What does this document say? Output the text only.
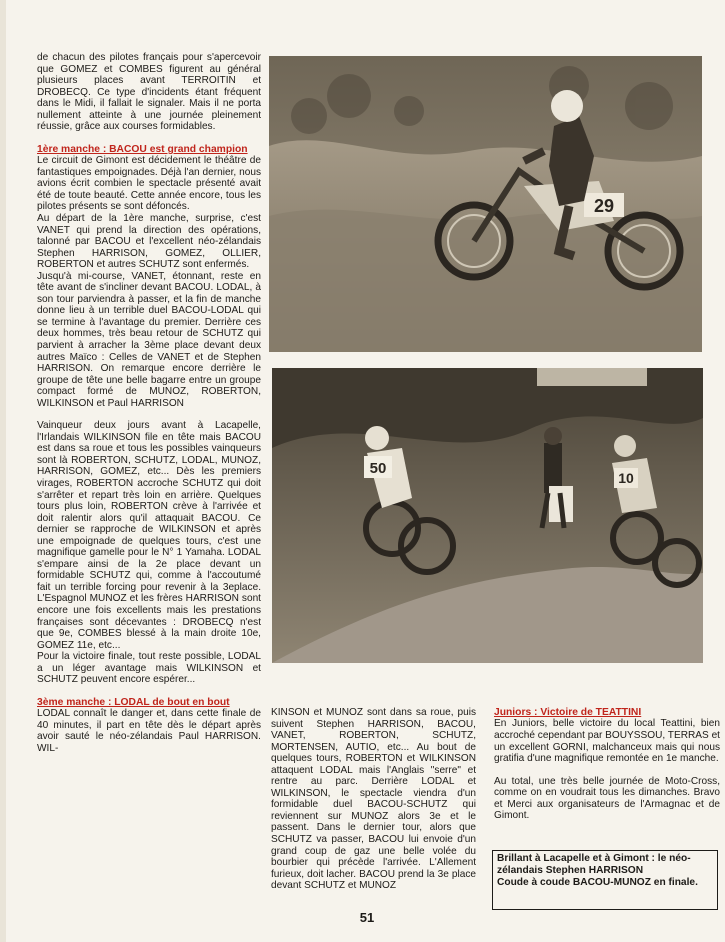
de chacun des pilotes français pour s'apercevoir que GOMEZ et COMBES figurent au général plusieurs places avant TERROITIN et DROBECQ. Ce type d'incidents étant fréquent dans le Midi, il fallait le signaler. Mais il ne porta nullement atteinte à une journée pleinement réussie, grâce aux courses formidables.

1ère manche : BACOU est grand champion

Le circuit de Gimont est décidement le théâtre de fantastiques empoignades. Déjà l'an dernier, nous avions écrit combien le spectacle présenté avait été de toute beauté. Cette année encore, tous les pilotes présents se sont défoncés.

Au départ de la 1ère manche, surprise, c'est VANET qui prend la direction des opérations, talonné par BACOU et l'excellent néo-zélandais Stephen HARRISON, GOMEZ, OLLIER, ROBERTON et autres SCHUTZ sont enfermés.

Jusqu'à mi-course, VANET, étonnant, reste en tête avant de s'incliner devant BACOU. LODAL, à son tour parviendra à passer, et la fin de manche donne lieu à un terrible duel BACOU-LODAL qui se termine à l'avantage du premier. Derrière ces deux hommes, très beau retour de SCHUTZ qui parvient à arracher la 3ème place devant deux autres Maïco : Celles de VANET et de Stephen HARRISON. On remarque encore derrière le groupe de tête une belle bagarre entre un groupe compact formé de MUNOZ, ROBERTON, WILKINSON et Paul HARRISON

Vainqueur deux jours avant à Lacapelle, l'Irlandais WILKINSON file en tête mais BACOU est dans sa roue et tous les possibles vainqueurs sont là ROBERTON, SCHUTZ, LODAL, MUNOZ, HARRISON, GOMEZ, etc... Dès les premiers virages, ROBERTON accroche SCHUTZ qui doit s'arrêter et repart très loin en arrière. Quelques tours plus loin, ROBERTON crève à l'arrivée et doit ralentir alors qu'il attaquait BACOU. Ce dernier se rapproche de WILKINSON et après une empoignade de quelques tours, c'est une magnifique gamelle pour le N° 1 Yamaha. LODAL s'empare ainsi de la 2e place devant un formidable SCHUTZ qui, comme à l'accoutumé fait un terrible forcing pour revenir à la 3eplace. L'Espagnol MUNOZ et les frères HARRISON sont encore une fois excellents mais les prestations françaises sont décevantes : DROBECQ n'est que 9e, COMBES blessé à la main droite 10e, GOMEZ 11e, etc...

Pour la victoire finale, tout reste possible, LODAL a un léger avantage mais WILKINSON et SCHUTZ peuvent encore espérer...

3ème manche : LODAL de bout en bout

LODAL connaît le danger et, dans cette finale de 40 minutes, il part en tête dès le départ après avoir sauté le néo-zélandais Paul HARRISON. WIL-

29
50
10

KINSON et MUNOZ sont dans sa roue, puis suivent Stephen HARRISON, BACOU, VANET, ROBERTON, SCHUTZ, MORTENSEN, AUTIO, etc... Au bout de quelques tours, ROBERTON et WILKINSON attaquent LODAL mais l'Anglais "serre" et rentre au parc. Derrière LODAL et WILKINSON, le spectacle viendra d'un formidable duel BACOU-SCHUTZ qui reviennent sur MUNOZ alors 3e et le passent. Dans le dernier tour, alors que SCHUTZ va passer, BACOU lui envoie d'un grand coup de gaz une belle volée du bourbier qui précède l'arrivée. L'Allement furieux, doit lacher. BACOU prend la 3e place devant SCHUTZ et MUNOZ

Juniors : Victoire de TEATTINI

En Juniors, belle victoire du local Teattini, bien accroché cependant par BOUYSSOU, TERRAS et un excellent GORNI, malchanceux mais qui nous gratifia d'une magnifique remontée en 1e manche.

Au total, une très belle journée de Moto-Cross, comme on en voudrait tous les dimanches. Bravo et Merci aux organisateurs de l'Armagnac et de Gimont.

Brillant à Lacapelle et à Gimont : le néo-zélandais Stephen HARRISON

Coude à coude BACOU-MUNOZ en finale.

51
